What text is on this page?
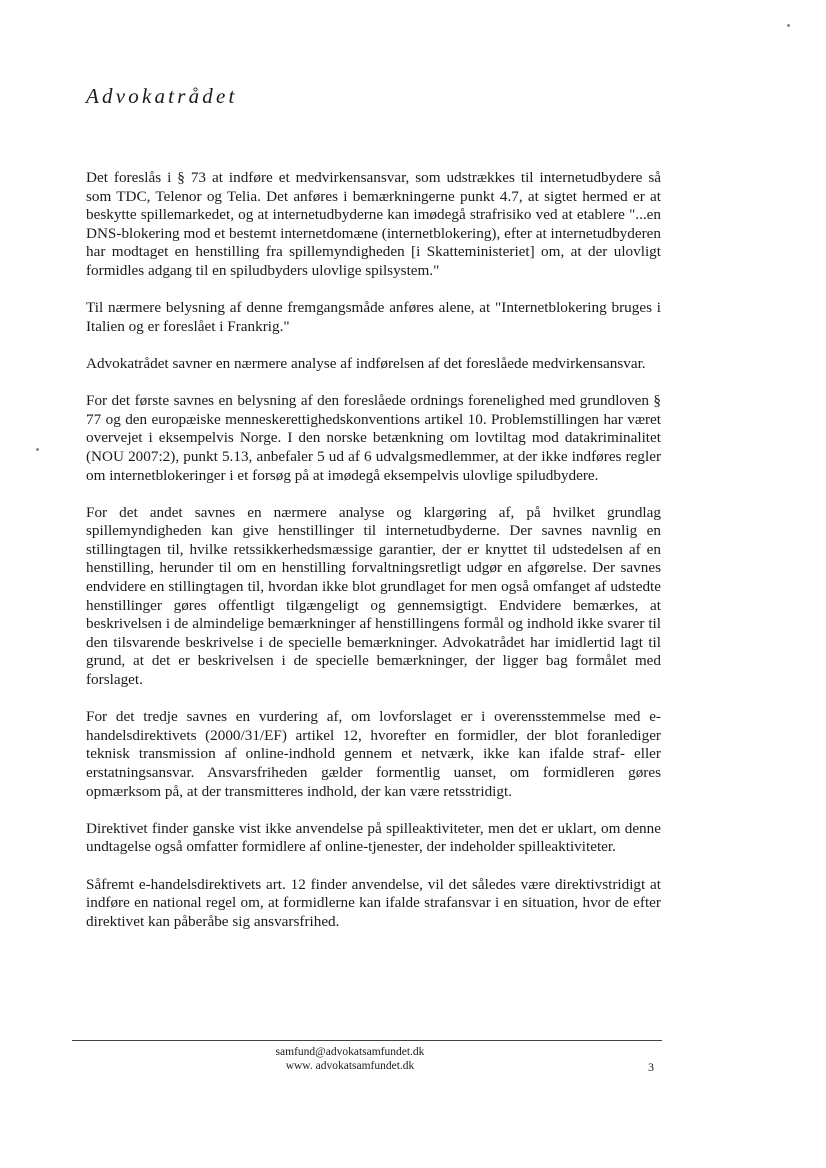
Advokatrådet

Det foreslås i § 73 at indføre et medvirkensansvar, som udstrækkes til internetudbydere så som TDC, Telenor og Telia. Det anføres i bemærkningerne punkt 4.7, at sigtet hermed er at beskytte spillemarkedet, og at internetudbyderne kan imødegå strafrisiko ved at etablere "...en DNS-blokering mod et bestemt internetdomæne (internetblokering), efter at internetudbyderen har modtaget en henstilling fra spillemyndigheden [i Skatteministeriet] om, at der ulovligt formidles adgang til en spiludbyders ulovlige spilsystem."

Til nærmere belysning af denne fremgangsmåde anføres alene, at "Internetblokering bruges i Italien og er foreslået i Frankrig."

Advokatrådet savner en nærmere analyse af indførelsen af det foreslåede medvirkensansvar.

For det første savnes en belysning af den foreslåede ordnings forenelighed med grundloven § 77 og den europæiske menneskerettighedskonventions artikel 10. Problemstillingen har været overvejet i eksempelvis Norge. I den norske betænkning om lovtiltag mod datakriminalitet (NOU 2007:2), punkt 5.13, anbefaler 5 ud af 6 udvalgsmedlemmer, at der ikke indføres regler om internetblokeringer i et forsøg på at imødegå eksempelvis ulovlige spiludbydere.

For det andet savnes en nærmere analyse og klargøring af, på hvilket grundlag spillemyndigheden kan give henstillinger til internetudbyderne. Der savnes navnlig en stillingtagen til, hvilke retssikkerhedsmæssige garantier, der er knyttet til udstedelsen af en henstilling, herunder til om en henstilling forvaltningsretligt udgør en afgørelse. Der savnes endvidere en stillingtagen til, hvordan ikke blot grundlaget for men også omfanget af udstedte henstillinger gøres offentligt tilgængeligt og gennemsigtigt. Endvidere bemærkes, at beskrivelsen i de almindelige bemærkninger af henstillingens formål og indhold ikke svarer til den tilsvarende beskrivelse i de specielle bemærkninger. Advokatrådet har imidlertid lagt til grund, at det er beskrivelsen i de specielle bemærkninger, der ligger bag formålet med forslaget.

For det tredje savnes en vurdering af, om lovforslaget er i overensstemmelse med e-handelsdirektivets (2000/31/EF) artikel 12, hvorefter en formidler, der blot foranlediger teknisk transmission af online-indhold gennem et netværk, ikke kan ifalde straf- eller erstatningsansvar. Ansvarsfriheden gælder formentlig uanset, om formidleren gøres opmærksom på, at der transmitteres indhold, der kan være retsstridigt.

Direktivet finder ganske vist ikke anvendelse på spilleaktiviteter, men det er uklart, om denne undtagelse også omfatter formidlere af online-tjenester, der indeholder spilleaktiviteter.

Såfremt e-handelsdirektivets art. 12 finder anvendelse, vil det således være direktivstridigt at indføre en national regel om, at formidlerne kan ifalde strafansvar i en situation, hvor de efter direktivet kan påberåbe sig ansvarsfrihed.

samfund@advokatsamfundet.dk
www. advokatsamfundet.dk	3
